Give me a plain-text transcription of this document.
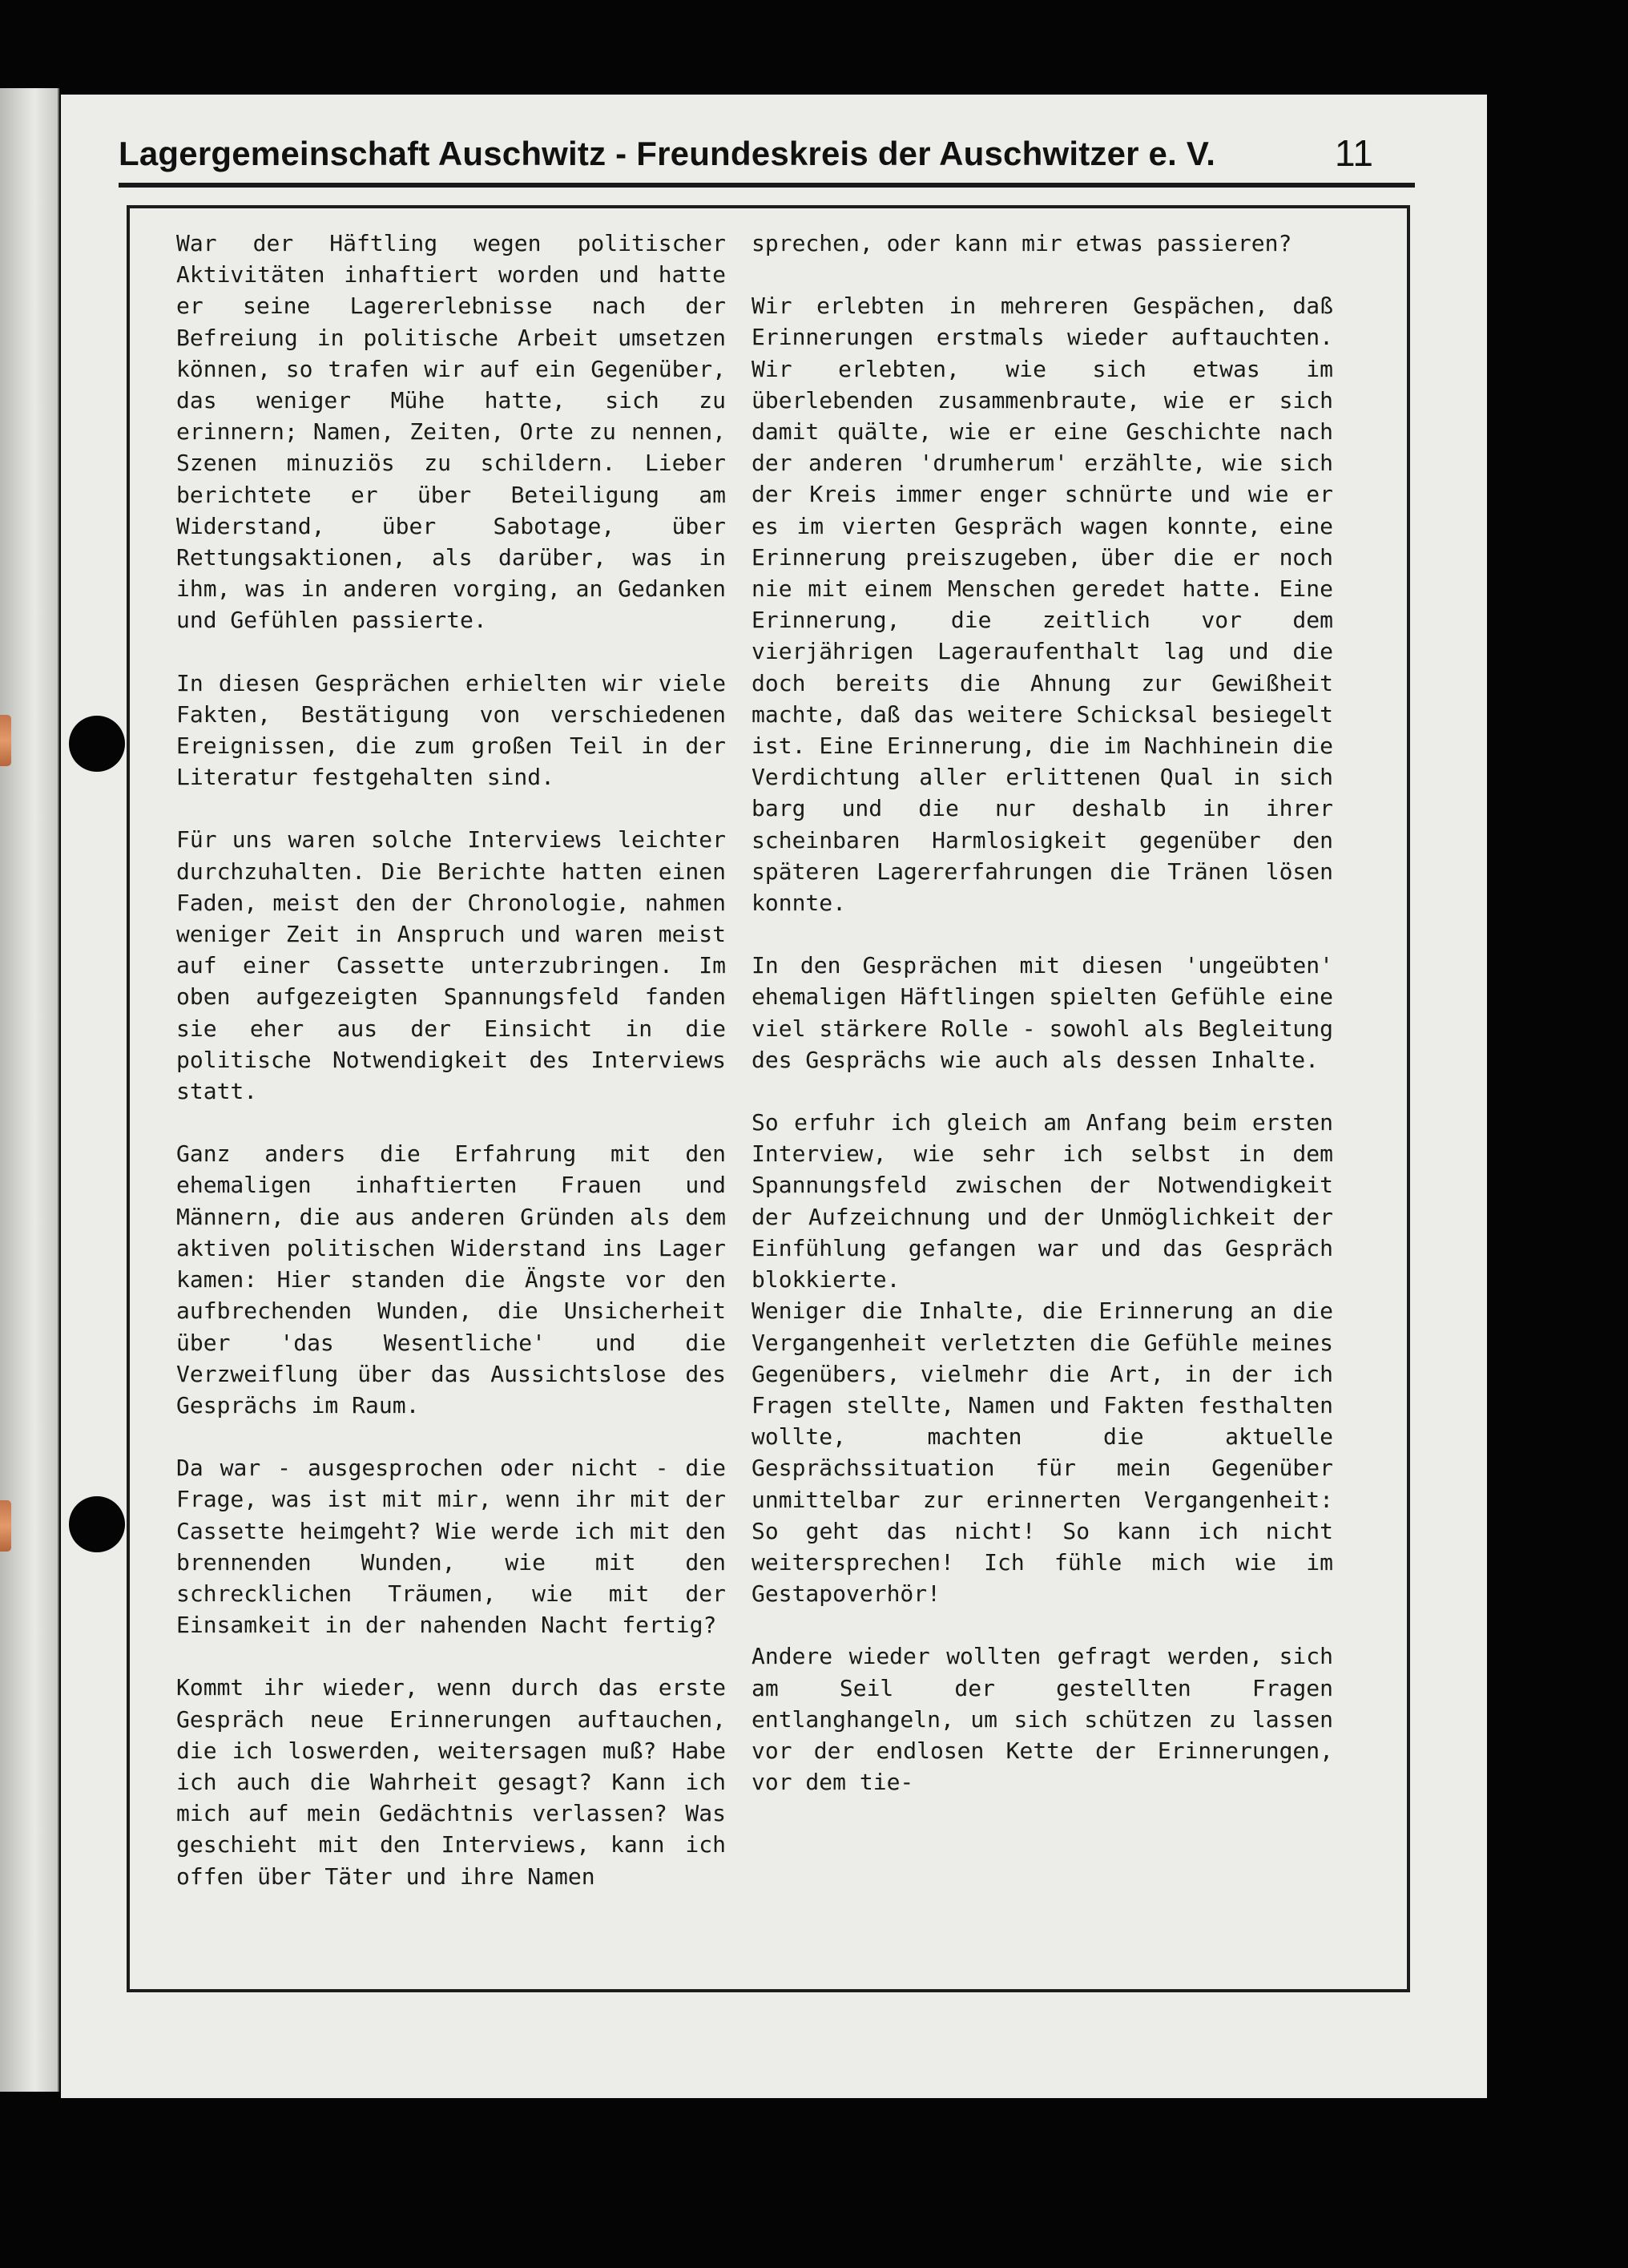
Lagergemeinschaft Auschwitz - Freundeskreis der Auschwitzer e. V.	11

War der Häftling wegen politischer Aktivitäten inhaftiert worden und hatte er seine Lagererlebnisse nach der Befreiung in politische Arbeit umsetzen können, so trafen wir auf ein Gegenüber, das weniger Mühe hatte, sich zu erinnern; Namen, Zeiten, Orte zu nennen, Szenen minuziös zu schildern. Lieber berichtete er über Beteiligung am Widerstand, über Sabotage, über Rettungsaktionen, als darüber, was in ihm, was in anderen vorging, an Gedanken und Gefühlen passierte.

In diesen Gesprächen erhielten wir viele Fakten, Bestätigung von verschiedenen Ereignissen, die zum großen Teil in der Literatur festgehalten sind.

Für uns waren solche Interviews leichter durchzuhalten. Die Berichte hatten einen Faden, meist den der Chronologie, nahmen weniger Zeit in Anspruch und waren meist auf einer Cassette unterzubringen. Im oben aufgezeigten Spannungsfeld fanden sie eher aus der Einsicht in die politische Notwendigkeit des Interviews statt.

Ganz anders die Erfahrung mit den ehemaligen inhaftierten Frauen und Männern, die aus anderen Gründen als dem aktiven politischen Widerstand ins Lager kamen: Hier standen die Ängste vor den aufbrechenden Wunden, die Unsicherheit über 'das Wesentliche' und die Verzweiflung über das Aussichtslose des Gesprächs im Raum.

Da war - ausgesprochen oder nicht - die Frage, was ist mit mir, wenn ihr mit der Cassette heimgeht? Wie werde ich mit den brennenden Wunden, wie mit den schrecklichen Träumen, wie mit der Einsamkeit in der nahenden Nacht fertig?

Kommt ihr wieder, wenn durch das erste Gespräch neue Erinnerungen auftauchen, die ich loswerden, weitersagen muß? Habe ich auch die Wahrheit gesagt? Kann ich mich auf mein Gedächtnis verlassen? Was geschieht mit den Interviews, kann ich offen über Täter und ihre Namen

sprechen, oder kann mir etwas passieren?

Wir erlebten in mehreren Gespächen, daß Erinnerungen erstmals wieder auftauchten. Wir erlebten, wie sich etwas im überlebenden zusammenbraute, wie er sich damit quälte, wie er eine Geschichte nach der anderen 'drumherum' erzählte, wie sich der Kreis immer enger schnürte und wie er es im vierten Gespräch wagen konnte, eine Erinnerung preiszugeben, über die er noch nie mit einem Menschen geredet hatte. Eine Erinnerung, die zeitlich vor dem vierjährigen Lageraufenthalt lag und die doch bereits die Ahnung zur Gewißheit machte, daß das weitere Schicksal besiegelt ist. Eine Erinnerung, die im Nachhinein die Verdichtung aller erlittenen Qual in sich barg und die nur deshalb in ihrer scheinbaren Harmlosigkeit gegenüber den späteren Lagererfahrungen die Tränen lösen konnte.

In den Gesprächen mit diesen 'ungeübten' ehemaligen Häftlingen spielten Gefühle eine viel stärkere Rolle - sowohl als Begleitung des Gesprächs wie auch als dessen Inhalte.

So erfuhr ich gleich am Anfang beim ersten Interview, wie sehr ich selbst in dem Spannungsfeld zwischen der Notwendigkeit der Aufzeichnung und der Unmöglichkeit der Einfühlung gefangen war und das Gespräch blokkierte.

Weniger die Inhalte, die Erinnerung an die Vergangenheit verletzten die Gefühle meines Gegenübers, vielmehr die Art, in der ich Fragen stellte, Namen und Fakten festhalten wollte, machten die aktuelle Gesprächssituation für mein Gegenüber unmittelbar zur erinnerten Vergangenheit: So geht das nicht! So kann ich nicht weitersprechen! Ich fühle mich wie im Gestapoverhör!

Andere wieder wollten gefragt werden, sich am Seil der gestellten Fragen entlanghangeln, um sich schützen zu lassen vor der endlosen Kette der Erinnerungen, vor dem tie-
